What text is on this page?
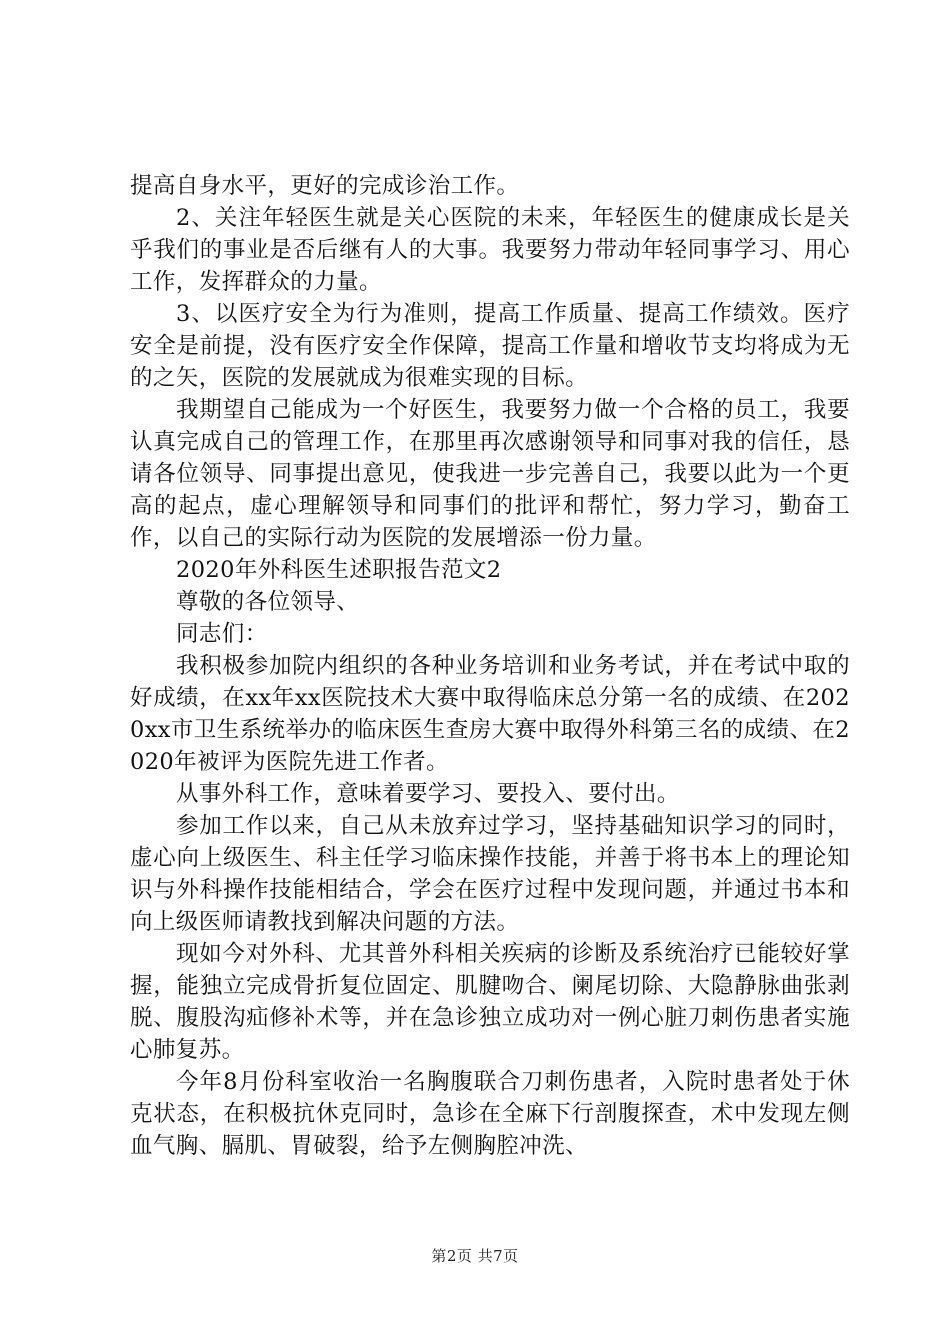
提高自身水平，更好的完成诊治工作。

2、关注年轻医生就是关心医院的未来，年轻医生的健康成长是关乎我们的事业是否后继有人的大事。我要努力带动年轻同事学习、用心工作，发挥群众的力量。

3、以医疗安全为行为准则，提高工作质量、提高工作绩效。医疗安全是前提，没有医疗安全作保障，提高工作量和增收节支均将成为无的之矢，医院的发展就成为很难实现的目标。

我期望自己能成为一个好医生，我要努力做一个合格的员工，我要认真完成自己的管理工作，在那里再次感谢领导和同事对我的信任，恳请各位领导、同事提出意见，使我进一步完善自己，我要以此为一个更高的起点，虚心理解领导和同事们的批评和帮忙，努力学习，勤奋工作，以自己的实际行动为医院的发展增添一份力量。

2020年外科医生述职报告范文2

尊敬的各位领导、

同志们：

我积极参加院内组织的各种业务培训和业务考试，并在考试中取的好成绩，在xx年xx医院技术大赛中取得临床总分第一名的成绩、在2020xx市卫生系统举办的临床医生查房大赛中取得外科第三名的成绩、在2020年被评为医院先进工作者。

从事外科工作，意味着要学习、要投入、要付出。

参加工作以来，自己从未放弃过学习，坚持基础知识学习的同时，虚心向上级医生、科主任学习临床操作技能，并善于将书本上的理论知识与外科操作技能相结合，学会在医疗过程中发现问题，并通过书本和向上级医师请教找到解决问题的方法。

现如今对外科、尤其普外科相关疾病的诊断及系统治疗已能较好掌握，能独立完成骨折复位固定、肌腱吻合、阑尾切除、大隐静脉曲张剥脱、腹股沟疝修补术等，并在急诊独立成功对一例心脏刀刺伤患者实施心肺复苏。

今年8月份科室收治一名胸腹联合刀刺伤患者，入院时患者处于休克状态，在积极抗休克同时，急诊在全麻下行剖腹探查，术中发现左侧血气胸、膈肌、胃破裂，给予左侧胸腔冲洗、

第2页 共7页
